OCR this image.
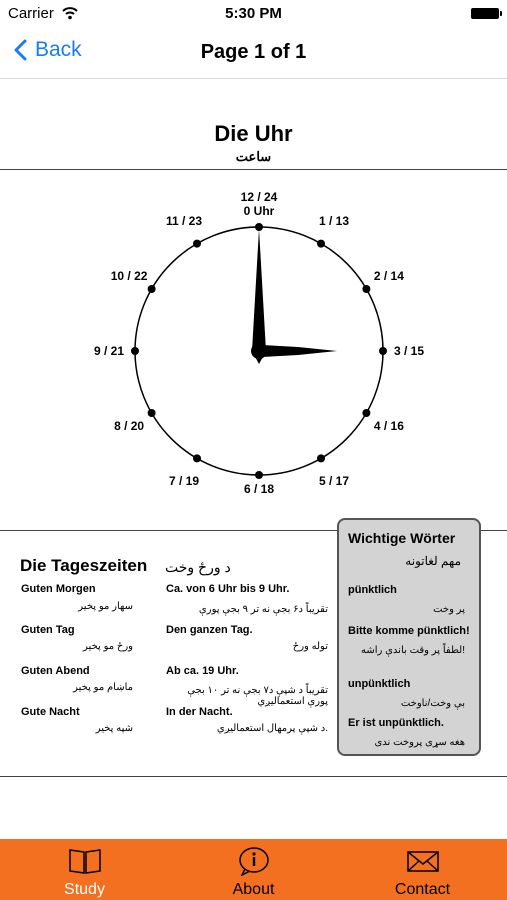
Carrier	5:30 PM
Back	Page 1 of 1
Die Uhr
ساعت
12 / 24
0 Uhr
1 / 13
2 / 14
3 / 15
4 / 16
5 / 17
6 / 18
7 / 19
8 / 20
9 / 21
10 / 22
11 / 23
Die Tageszeiten د ورځ وخت
Guten Morgen
سهار مو پخير
Ca. von 6 Uhr bis 9 Uhr.
تقريباً د۶ بجې نه تر ۹ بجې پورې
Guten Tag
ورځ مو پخير
Den ganzen Tag.
توله ورځ
Guten Abend
ماښام مو پخير
Ab ca. 19 Uhr.
تقريباً د شپې د۷ بجې نه تر ۱۰ بجې پورې استعماليږي
Gute Nacht
شپه پخير
In der Nacht.
د شپې پرمهال استعماليږي.
Wichtige Wörter
مهم لغاتونه
pünktlich
پر وخت
Bitte komme pünktlich!
لطفاً پر وقت باندې راشه!
unpünktlich
بې وخت/ناوخت
Er ist unpünktlich.
هغه سړی پروخت ندی
Study	About	Contact
